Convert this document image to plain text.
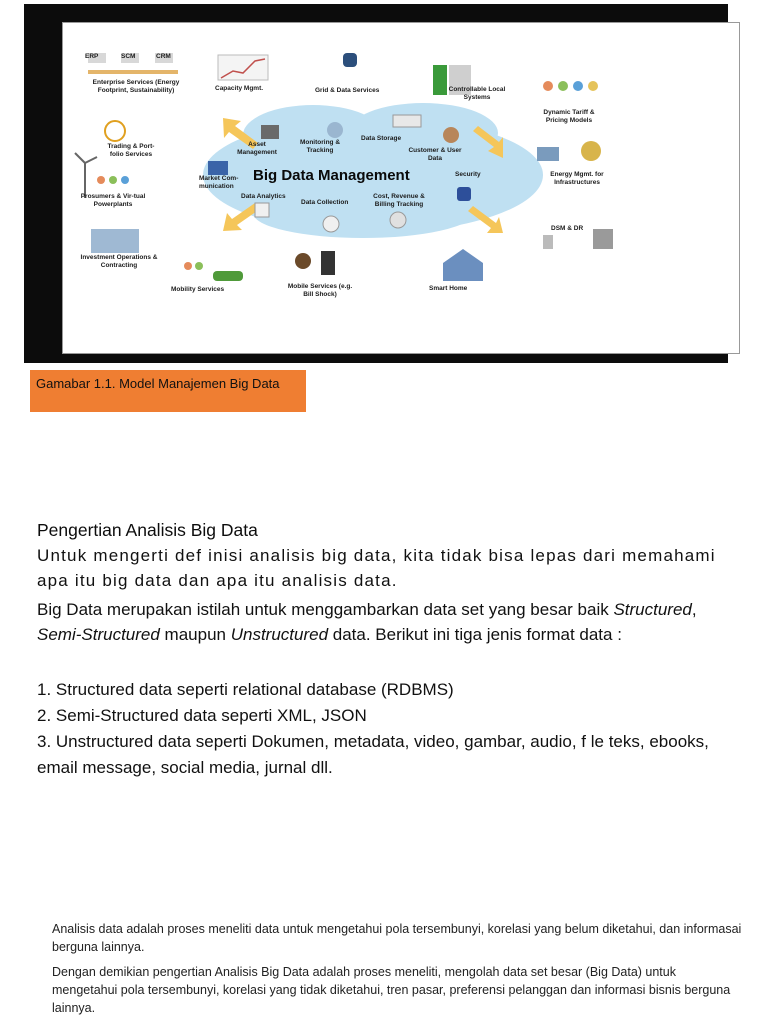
ERP	SCM	CRM
Enterprise Services (Energy Footprint, Sustainability)	Capacity Mgmt.	Grid & Data Services	Controllable Local Systems
Dynamic Tariff & Pricing Models
Trading & Port-folio Services
Energy Mgmt. for Infrastructures
Prosumers & Vir-tual Powerplants
DSM & DR
Investment Operations & Contracting
Mobility Services	Mobile Services (e.g. Bill Shock)
Smart Home
Asset Management
Monitoring & Tracking
Data Storage
Customer & User Data
Market Com-munication
Big Data Management	Security
Data Analytics
Data Collection
Cost, Revenue & Billing Tracking
Gamabar 1.1. Model Manajemen Big Data
Pengertian Analisis Big Data
Untuk mengerti def inisi analisis big data, kita tidak bisa lepas dari memahami apa itu big data dan apa itu analisis data.
Big Data merupakan istilah untuk menggambarkan data set yang besar baik Structured, Semi-Structured maupun Unstructured data. Berikut ini tiga jenis format data :
1. Structured data seperti relational database (RDBMS)
2. Semi-Structured data seperti XML, JSON
3. Unstructured data seperti Dokumen, metadata, video, gambar, audio, f le teks, ebooks, email message, social media, jurnal dll.
Analisis data adalah proses meneliti data untuk mengetahui pola tersembunyi, korelasi yang belum diketahui, dan informasai berguna lainnya.
Dengan demikian pengertian Analisis Big Data adalah proses meneliti, mengolah data set besar (Big Data) untuk mengetahui pola tersembunyi, korelasi yang tidak diketahui, tren pasar, preferensi pelanggan dan informasi bisnis berguna lainnya.
